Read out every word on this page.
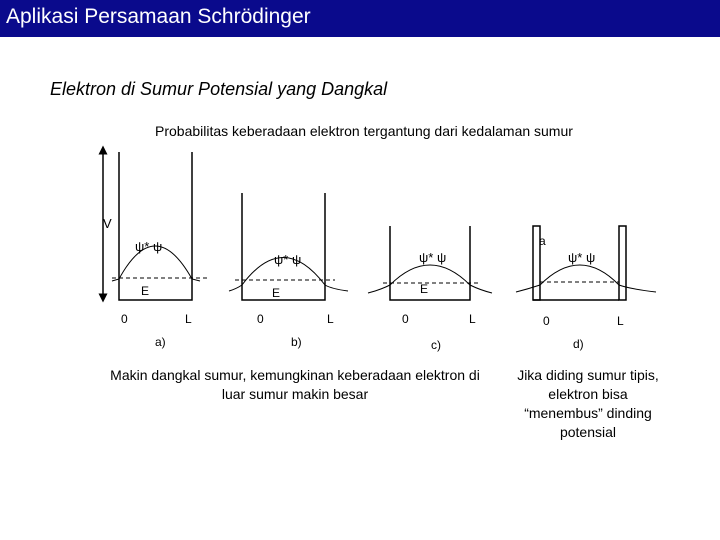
Aplikasi Persamaan Schrödinger
Elektron di Sumur Potensial yang Dangkal
Probabilitas keberadaan elektron tergantung dari kedalaman sumur
V
ψ* ψ
E
0	L
a)
ψ* ψ
E
0	L
b)
ψ* ψ
E
0	L
c)
a
ψ* ψ
0	L
d)
Makin dangkal sumur, kemungkinan keberadaan elektron di luar sumur makin besar
Jika diding sumur tipis, elektron bisa “menembus” dinding potensial
